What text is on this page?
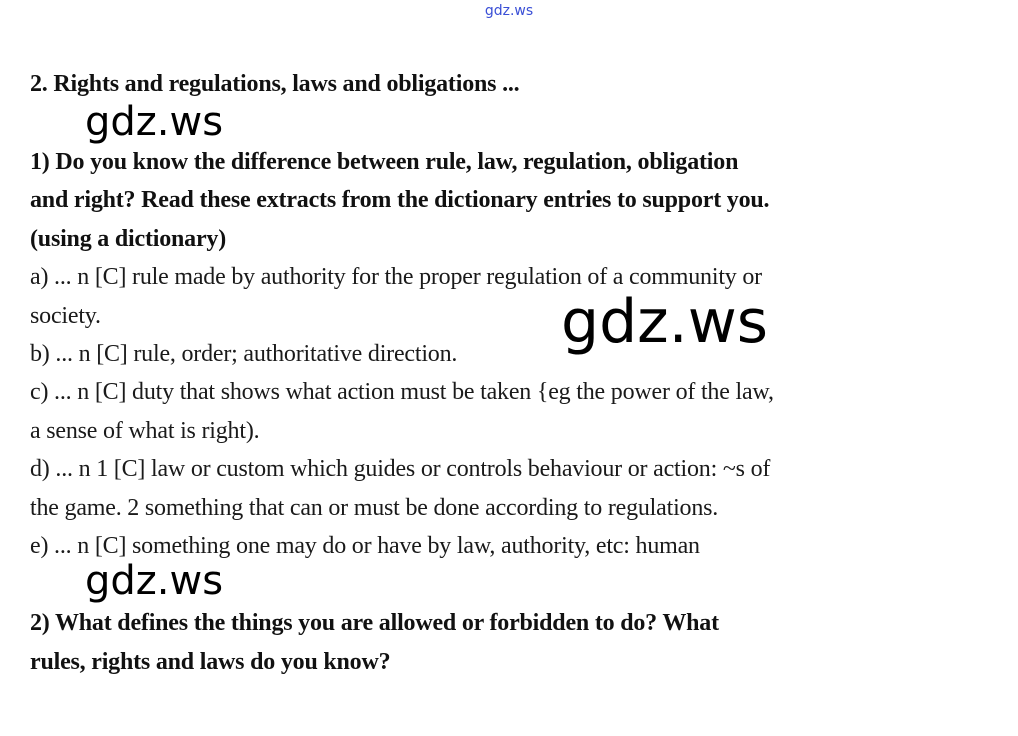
gdz.ws
2. Rights and regulations, laws and obligations ...
gdz.ws
1) Do you know the difference between rule, law, regulation, obligation
and right? Read these extracts from the dictionary entries to support you.
(using a dictionary)
a) ... n [C] rule made by authority for the proper regulation of a community or
society.
b) ... n [C] rule, order; authoritative direction. gdz.ws
c) ... n [C] duty that shows what action must be taken {eg the power of the law,
a sense of what is right).
d) ... n 1 [C] law or custom which guides or controls behaviour or action: ~s of
the game. 2 something that can or must be done according to regulations.
e) ... n [C] something one may do or have by law, authority, etc: human
gdz.ws
2) What defines the things you are allowed or forbidden to do? What
rules, rights and laws do you know?
